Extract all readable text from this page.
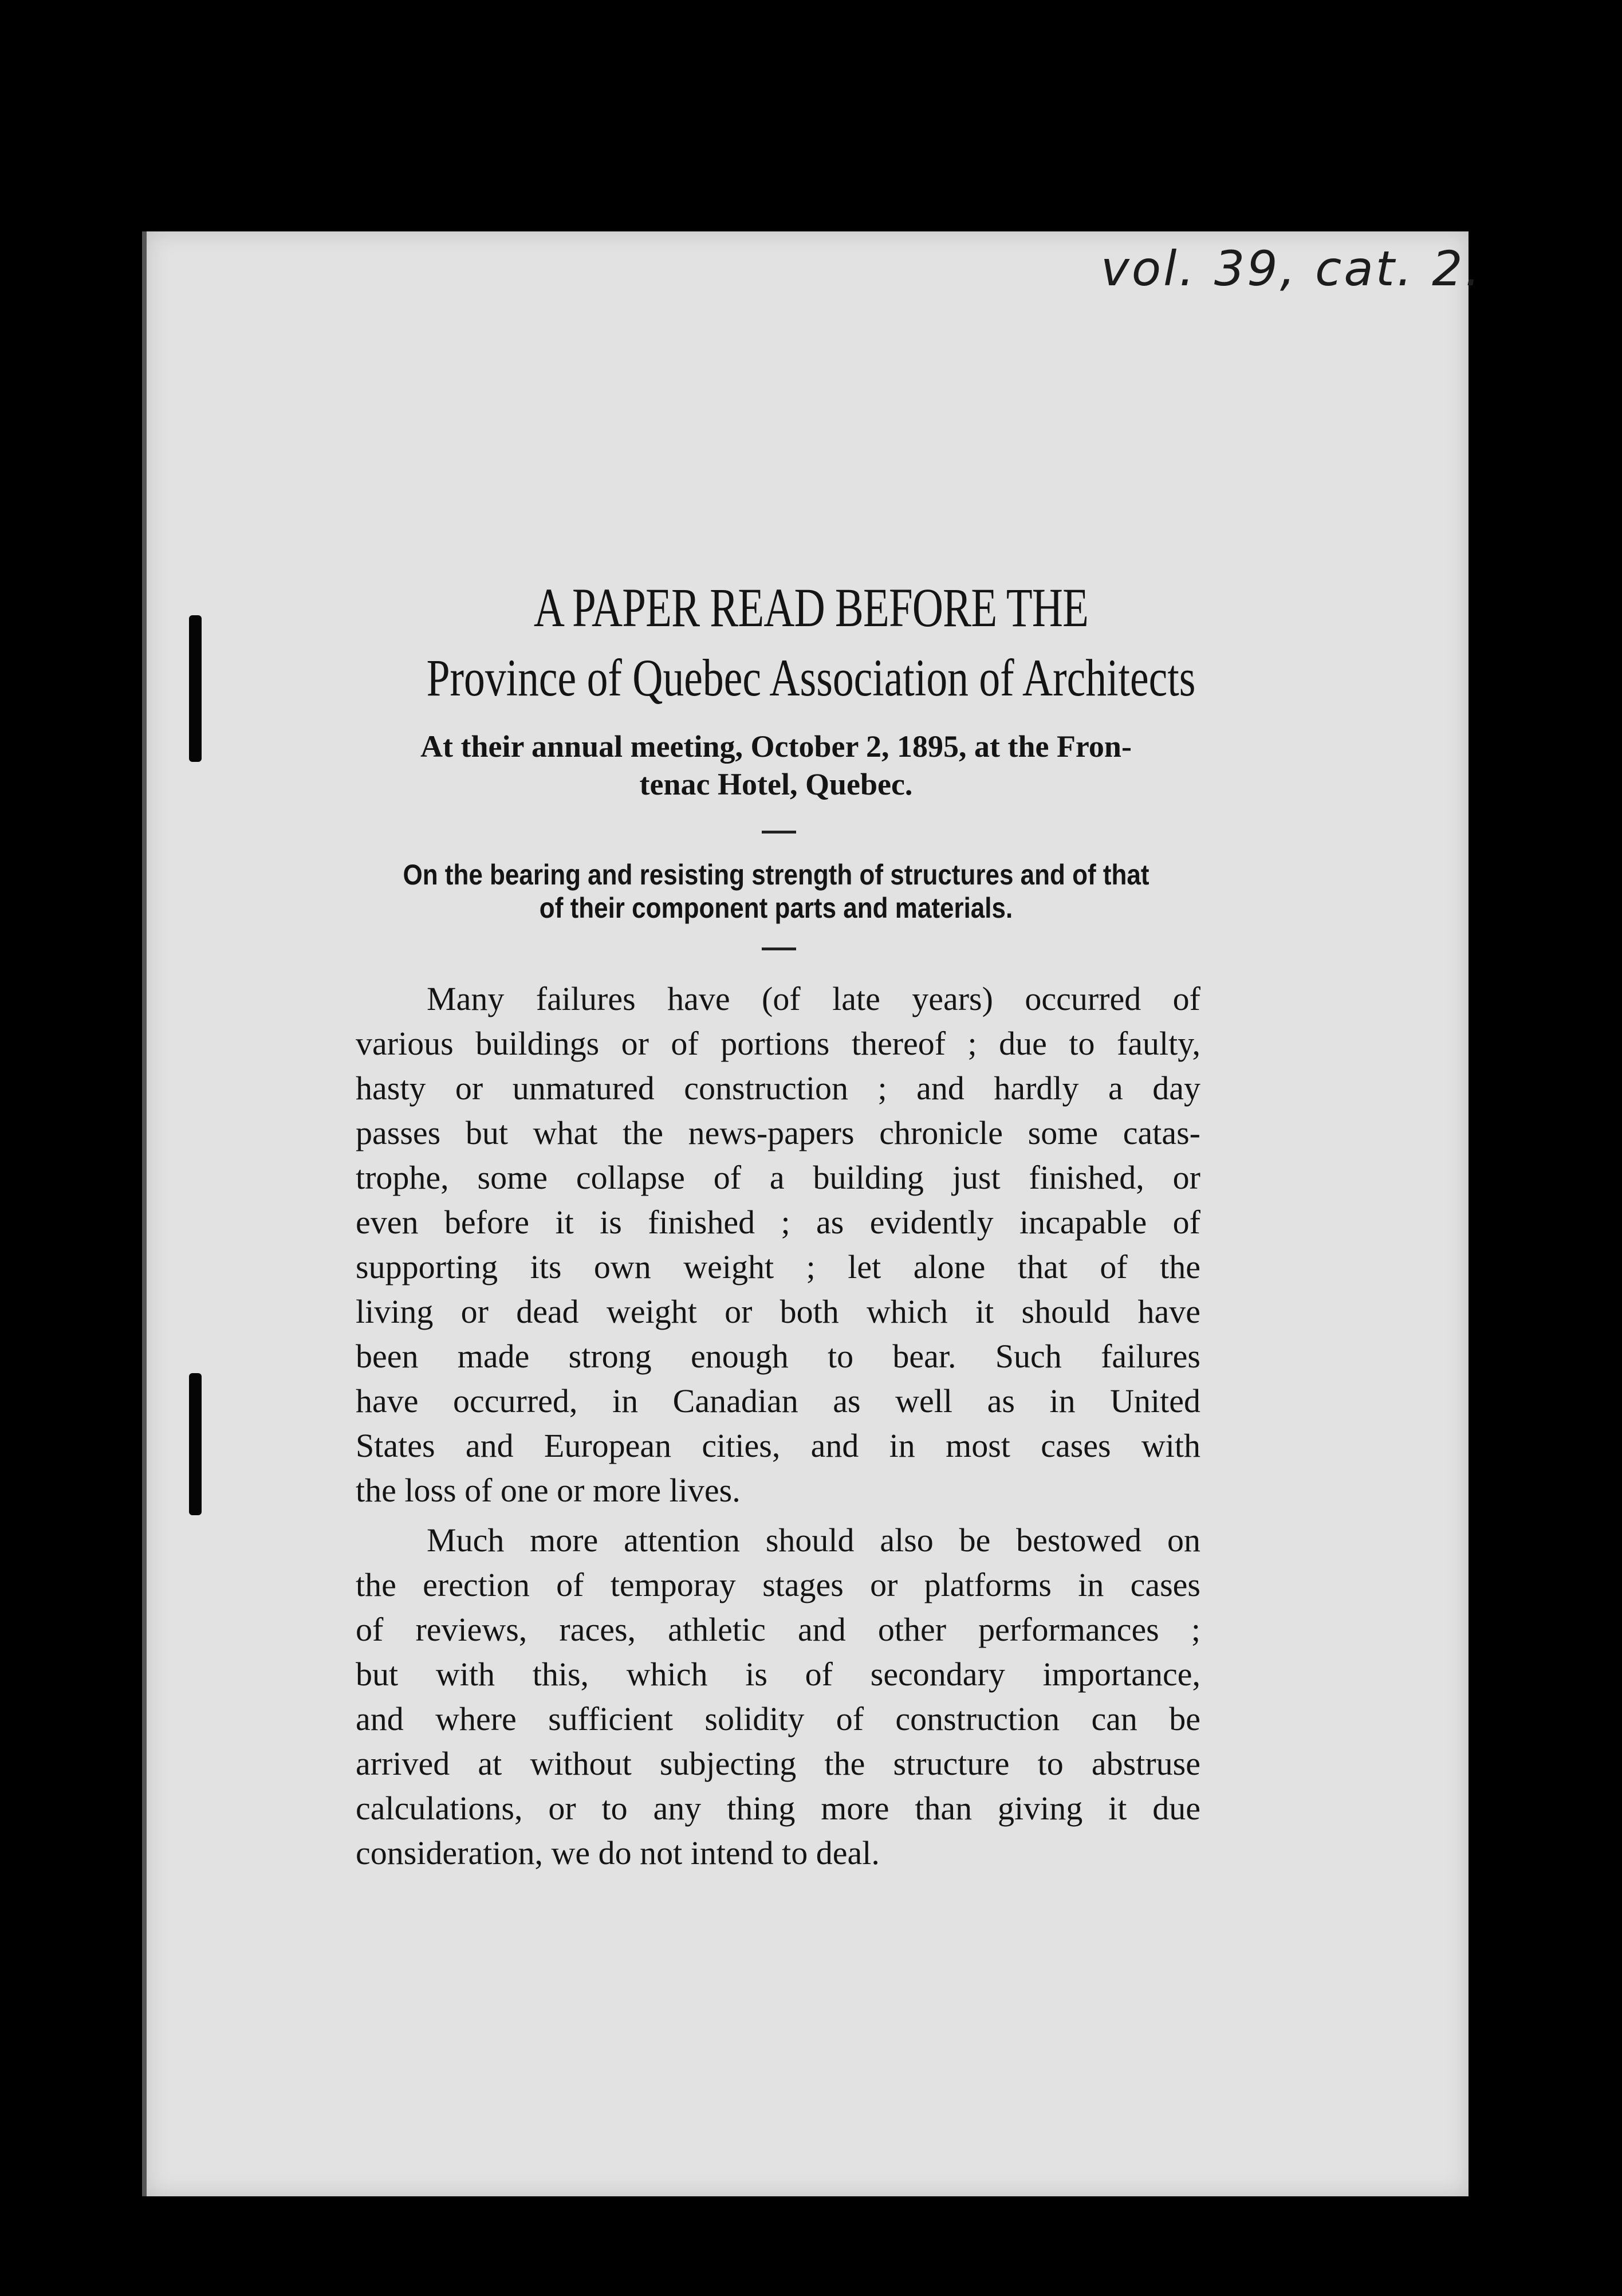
vol. 39, cat. 2.
A PAPER READ BEFORE THE
Province of Quebec Association of Architects
At their annual meeting, October 2, 1895, at the Fron-
tenac Hotel, Quebec.
On the bearing and resisting strength of structures and of that
of their component parts and materials.
Many failures have (of late years) occurred of
various buildings or of portions thereof ; due to faulty,
hasty or unmatured construction ; and hardly a day
passes but what the news-papers chronicle some catas-
trophe, some collapse of a building just finished, or
even before it is finished ; as evidently incapable of
supporting its own weight ; let alone that of the
living or dead weight or both which it should have
been made strong enough to bear. Such failures
have occurred, in Canadian as well as in United
States and European cities, and in most cases with
the loss of one or more lives.
Much more attention should also be bestowed on
the erection of temporay stages or platforms in cases
of reviews, races, athletic and other performances ;
but with this, which is of secondary importance,
and where sufficient solidity of construction can be
arrived at without subjecting the structure to abstruse
calculations, or to any thing more than giving it due
consideration, we do not intend to deal.
